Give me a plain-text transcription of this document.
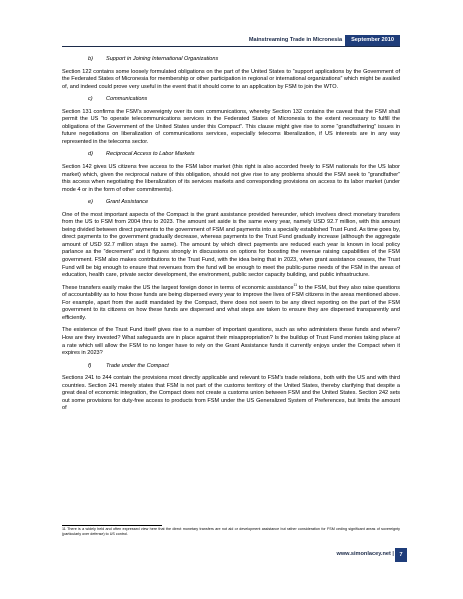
Mainstreaming Trade in Micronesia	September 2010
b) Support in Joining International Organizations

Section 122 contains some loosely formulated obligations on the part of the United States to “support applications by the Government of the Federated States of Micronesia for membership or other participation in regional or international organizations” which might be availed of, and indeed could prove very useful in the event that it should come to an application by FSM to join the WTO.

c) Communications

Section 131 confirms the FSM’s sovereignty over its own communications, whereby Section 132 contains the caveat that the FSM shall permit the US “to operate telecommunications services in the Federated States of Micronesia to the extent necessary to fulfill the obligations of the Government of the United States under this Compact”. This clause might give rise to some “grandfathering” issues in future negotiations on liberalization of communications services, especially telecoms liberalization, if US interests are in any way represented in the telecoms sector.

d) Reciprocal Access to Labor Markets

Section 142 gives US citizens free access to the FSM labor market (this right is also accorded freely to FSM nationals for the US labor market) which, given the reciprocal nature of this obligation, should not give rise to any problems should the FSM seek to “grandfather” this access when negotiating the liberalization of its services markets and corresponding provisions on access to its labor market (under mode 4 or in the form of other commitments).

e) Grant Assistance

One of the most important aspects of the Compact is the grant assistance provided hereunder, which involves direct monetary transfers from the US to FSM from 2004 thru to 2023. The amount set aside is the same every year, namely USD 92.7 million, with this amount being divided between direct payments to the government of FSM and payments into a specially established Trust Fund. As time goes by, direct payments to the government gradually decrease, whereas payments to the Trust Fund gradually increase (although the aggregate amount of USD 92.7 million stays the same). The amount by which direct payments are reduced each year is known in local policy parlance as the “decrement” and it figures strongly in discussions on options for boosting the revenue raising capabilities of the FSM government. FSM also makes contributions to the Trust Fund, with the idea being that in 2023, when grant assistance ceases, the Trust Fund will be big enough to ensure that revenues from the fund will be enough to meet the public-purse needs of the FSM in the areas of education, health care, private sector development, the environment, public sector capacity building, and public infrastructure.

These transfers easily make the US the largest foreign donor in terms of economic assistance$^{11}$ to the FSM, but they also raise questions of accountability as to how those funds are being dispersed every year to improve the lives of FSM citizens in the areas mentioned above. For example, apart from the audit mandated by the Compact, there does not seem to be any direct reporting on the part of the FSM government to its citizens on how these funds are dispersed and what steps are taken to ensure they are dispersed transparently and efficiently.

The existence of the Trust Fund itself gives rise to a number of important questions, such as who administers these funds and where? How are they invested? What safeguards are in place against their misappropriation? Is the buildup of Trust Fund monies taking place at a rate which will allow the FSM to no longer have to rely on the Grant Assistance funds it currently enjoys under the Compact when it expires in 2023?

f)	Trade under the Compact

Sections 241 to 244 contain the provisions most directly applicable and relevant to FSM’s trade relations, both with the US and with third countries. Section 241 merely states that FSM is not part of the customs territory of the United States, thereby clarifying that despite a great deal of economic integration, the Compact does not create a customs union between FSM and the United States. Section 242 sets out some provisions for duty-free access to products from FSM under the US Generalized System of Preferences, but limits the amount of

11 There is a widely held and often expressed view here that the direct monetary transfers are not aid or development assistance but rather consideration for FSM ceding significant areas of sovereignty (particularly over defense) to US control.
www.simonlacey.net | 7
